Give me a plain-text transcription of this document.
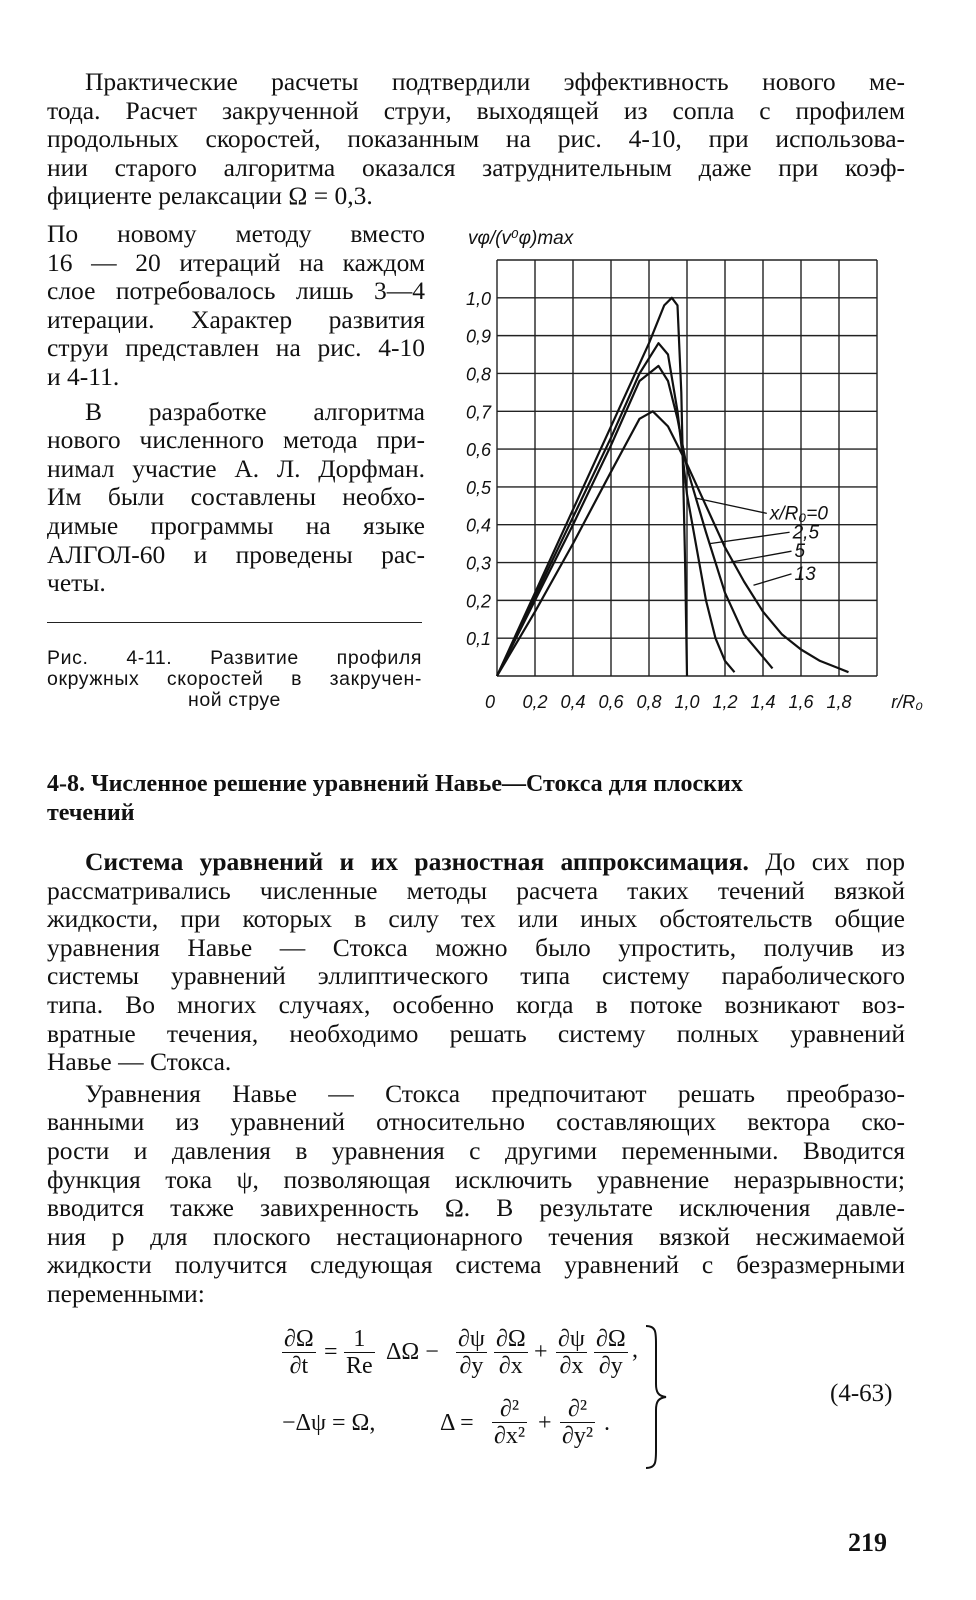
Практические расчеты подтвердили эффективность нового ме-
тода. Расчет закрученной струи, выходящей из сопла с профилем
продольных скоростей, показанным на рис. 4-10, при использова-
нии старого алгоритма оказался затруднительным даже при коэф-
фициенте релаксации Ω = 0,3.
По новому методу вместо
16 — 20 итераций на каждом
слое потребовалось лишь 3—4
итерации. Характер развития
струи представлен на рис. 4-10
и 4-11.
В разработке алгоритма
нового численного метода при-
нимал участие А. Л. Дорфман.
Им были составлены необхо-
димые программы на языке
АЛГОЛ-60 и проведены рас-
четы.
Рис. 4-11. Развитие профиля
окружных скоростей в закручен-
ной струе
0,1
0,2
0,3
0,4
0,5
0,6
0,7
0,8
0,9
1,0
0 0,2 0,4 0,6 0,8 1,0 1,2 1,4 1,6 1,8
vφ/(v⁰φ)max
r/R₀
x/R₀=0
2,5
5
13
4-8. Численное решение уравнений Навье—Стокса для плоских
течений
Система уравнений и их разностная аппроксимация. До сих пор
рассматривались численные методы расчета таких течений вязкой
жидкости, при которых в силу тех или иных обстоятельств общие
уравнения Навье — Стокса можно было упростить, получив из
системы уравнений эллиптического типа систему параболического
типа. Во многих случаях, особенно когда в потоке возникают воз-
вратные течения, необходимо решать систему полных уравнений
Навье — Стокса.
Уравнения Навье — Стокса предпочитают решать преобразо-
ванными из уравнений относительно составляющих вектора ско-
рости и давления в уравнения с другими переменными. Вводится
функция тока ψ, позволяющая исключить уравнение неразрывности;
вводится также завихренность Ω. В результате исключения давле-
ния p для плоского нестационарного течения вязкой несжимаемой
жидкости получится следующая система уравнений с безразмерными
переменными:
$\frac{\partial\Omega}{\partial t} = \frac{1}{Re}$ $\Delta\Omega - \frac{\partial\psi}{\partial y} \frac{\partial\Omega}{\partial x} + \frac{\partial\psi}{\partial x} \frac{\partial\Omega}{\partial y}$ ,
−Δψ = Ω,	Δ =
∂²
∂x² +
∂²
∂y² .
(4-63)
219
